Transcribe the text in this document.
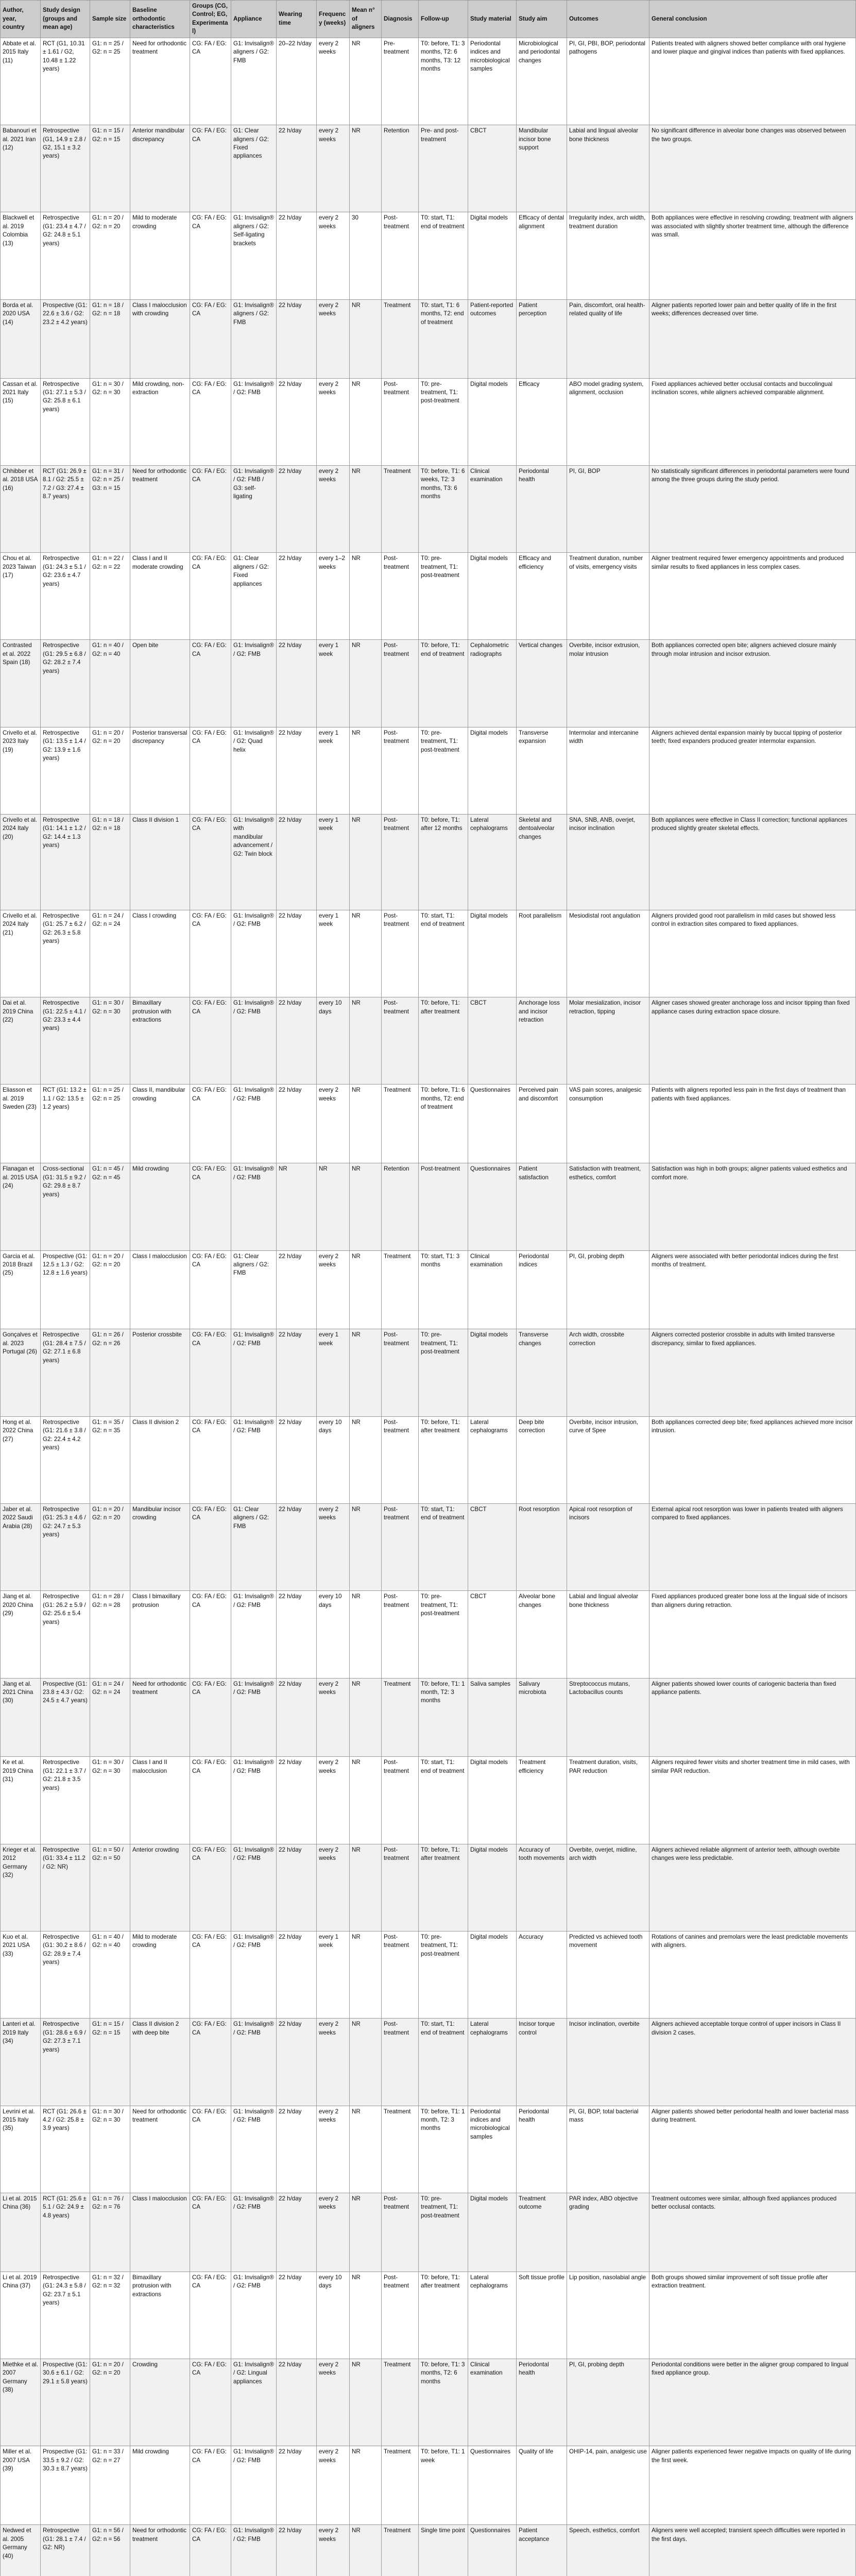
Author, year, country	Study design (groups and mean age)	Sample size	Baseline orthodontic characteristics	Groups (CG, Control; EG, Experimental)	Appliance	Wearing time	Frequency (weeks)	Mean n° of aligners	Diagnosis	Follow-up	Study material	Study aim	Outcomes	General conclusion
Abbate et al. 2015 Italy (11)	RCT (G1, 10.31 ± 1.61 / G2, 10.48 ± 1.22 years)	G1: n = 25 / G2: n = 25	Need for orthodontic treatment	CG: FA / EG: CA	G1: Invisalign® aligners / G2: FMB	20–22 h/day	every 2 weeks	NR	Pre-treatment	T0: before, T1: 3 months, T2: 6 months, T3: 12 months	Periodontal indices and microbiological samples	Microbiological and periodontal changes	PI, GI, PBI, BOP, periodontal pathogens	Patients treated with aligners showed better compliance with oral hygiene and lower plaque and gingival indices than patients with fixed appliances.
Babanouri et al. 2021 Iran (12)	Retrospective (G1, 14.9 ± 2.8 / G2, 15.1 ± 3.2 years)	G1: n = 15 / G2: n = 15	Anterior mandibular discrepancy	CG: FA / EG: CA	G1: Clear aligners / G2: Fixed appliances	22 h/day	every 2 weeks	NR	Retention	Pre- and post-treatment	CBCT	Mandibular incisor bone support	Labial and lingual alveolar bone thickness	No significant difference in alveolar bone changes was observed between the two groups.
Blackwell et al. 2019 Colombia (13)	Retrospective (G1: 23.4 ± 4.7 / G2: 24.8 ± 5.1 years)	G1: n = 20 / G2: n = 20	Mild to moderate crowding	CG: FA / EG: CA	G1: Invisalign® aligners / G2: Self-ligating brackets	22 h/day	every 2 weeks	30	Post-treatment	T0: start, T1: end of treatment	Digital models	Efficacy of dental alignment	Irregularity index, arch width, treatment duration	Both appliances were effective in resolving crowding; treatment with aligners was associated with slightly shorter treatment time, although the difference was small.
Borda et al. 2020 USA (14)	Prospective (G1: 22.6 ± 3.6 / G2: 23.2 ± 4.2 years)	G1: n = 18 / G2: n = 18	Class I malocclusion with crowding	CG: FA / EG: CA	G1: Invisalign® aligners / G2: FMB	22 h/day	every 2 weeks	NR	Treatment	T0: start, T1: 6 months, T2: end of treatment	Patient-reported outcomes	Patient perception	Pain, discomfort, oral health-related quality of life	Aligner patients reported lower pain and better quality of life in the first weeks; differences decreased over time.
Cassan et al. 2021 Italy (15)	Retrospective (G1: 27.1 ± 5.3 / G2: 25.8 ± 6.1 years)	G1: n = 30 / G2: n = 30	Mild crowding, non-extraction	CG: FA / EG: CA	G1: Invisalign® / G2: FMB	22 h/day	every 2 weeks	NR	Post-treatment	T0: pre-treatment, T1: post-treatment	Digital models	Efficacy	ABO model grading system, alignment, occlusion	Fixed appliances achieved better occlusal contacts and buccolingual inclination scores, while aligners achieved comparable alignment.
Chhibber et al. 2018 USA (16)	RCT (G1: 26.9 ± 8.1 / G2: 25.5 ± 7.2 / G3: 27.4 ± 8.7 years)	G1: n = 31 / G2: n = 25 / G3: n = 15	Need for orthodontic treatment	CG: FA / EG: CA	G1: Invisalign® / G2: FMB / G3: self-ligating	22 h/day	every 2 weeks	NR	Treatment	T0: before, T1: 6 weeks, T2: 3 months, T3: 6 months	Clinical examination	Periodontal health	PI, GI, BOP	No statistically significant differences in periodontal parameters were found among the three groups during the study period.
Chou et al. 2023 Taiwan (17)	Retrospective (G1: 24.3 ± 5.1 / G2: 23.6 ± 4.7 years)	G1: n = 22 / G2: n = 22	Class I and II moderate crowding	CG: FA / EG: CA	G1: Clear aligners / G2: Fixed appliances	22 h/day	every 1–2 weeks	NR	Post-treatment	T0: pre-treatment, T1: post-treatment	Digital models	Efficacy and efficiency	Treatment duration, number of visits, emergency visits	Aligner treatment required fewer emergency appointments and produced similar results to fixed appliances in less complex cases.
Contrasted et al. 2022 Spain (18)	Retrospective (G1: 29.5 ± 6.8 / G2: 28.2 ± 7.4 years)	G1: n = 40 / G2: n = 40	Open bite	CG: FA / EG: CA	G1: Invisalign® / G2: FMB	22 h/day	every 1 week	NR	Post-treatment	T0: before, T1: end of treatment	Cephalometric radiographs	Vertical changes	Overbite, incisor extrusion, molar intrusion	Both appliances corrected open bite; aligners achieved closure mainly through molar intrusion and incisor extrusion.
Crivello et al. 2023 Italy (19)	Retrospective (G1: 13.5 ± 1.4 / G2: 13.9 ± 1.6 years)	G1: n = 20 / G2: n = 20	Posterior transversal discrepancy	CG: FA / EG: CA	G1: Invisalign® / G2: Quad helix	22 h/day	every 1 week	NR	Post-treatment	T0: pre-treatment, T1: post-treatment	Digital models	Transverse expansion	Intermolar and intercanine width	Aligners achieved dental expansion mainly by buccal tipping of posterior teeth; fixed expanders produced greater intermolar expansion.
Crivello et al. 2024 Italy (20)	Retrospective (G1: 14.1 ± 1.2 / G2: 14.4 ± 1.3 years)	G1: n = 18 / G2: n = 18	Class II division 1	CG: FA / EG: CA	G1: Invisalign® with mandibular advancement / G2: Twin block	22 h/day	every 1 week	NR	Post-treatment	T0: before, T1: after 12 months	Lateral cephalograms	Skeletal and dentoalveolar changes	SNA, SNB, ANB, overjet, incisor inclination	Both appliances were effective in Class II correction; functional appliances produced slightly greater skeletal effects.
Crivello et al. 2024 Italy (21)	Retrospective (G1: 25.7 ± 6.2 / G2: 26.3 ± 5.8 years)	G1: n = 24 / G2: n = 24	Class I crowding	CG: FA / EG: CA	G1: Invisalign® / G2: FMB	22 h/day	every 1 week	NR	Post-treatment	T0: start, T1: end of treatment	Digital models	Root parallelism	Mesiodistal root angulation	Aligners provided good root parallelism in mild cases but showed less control in extraction sites compared to fixed appliances.
Dai et al. 2019 China (22)	Retrospective (G1: 22.5 ± 4.1 / G2: 23.3 ± 4.4 years)	G1: n = 30 / G2: n = 30	Bimaxillary protrusion with extractions	CG: FA / EG: CA	G1: Invisalign® / G2: FMB	22 h/day	every 10 days	NR	Post-treatment	T0: before, T1: after treatment	CBCT	Anchorage loss and incisor retraction	Molar mesialization, incisor retraction, tipping	Aligner cases showed greater anchorage loss and incisor tipping than fixed appliance cases during extraction space closure.
Eliasson et al. 2019 Sweden (23)	RCT (G1: 13.2 ± 1.1 / G2: 13.5 ± 1.2 years)	G1: n = 25 / G2: n = 25	Class II, mandibular crowding	CG: FA / EG: CA	G1: Invisalign® / G2: FMB	22 h/day	every 2 weeks	NR	Treatment	T0: before, T1: 6 months, T2: end of treatment	Questionnaires	Perceived pain and discomfort	VAS pain scores, analgesic consumption	Patients with aligners reported less pain in the first days of treatment than patients with fixed appliances.
Flanagan et al. 2015 USA (24)	Cross-sectional (G1: 31.5 ± 9.2 / G2: 29.8 ± 8.7 years)	G1: n = 45 / G2: n = 45	Mild crowding	CG: FA / EG: CA	G1: Invisalign® / G2: FMB	NR	NR	NR	Retention	Post-treatment	Questionnaires	Patient satisfaction	Satisfaction with treatment, esthetics, comfort	Satisfaction was high in both groups; aligner patients valued esthetics and comfort more.
Garcia et al. 2018 Brazil (25)	Prospective (G1: 12.5 ± 1.3 / G2: 12.8 ± 1.6 years)	G1: n = 20 / G2: n = 20	Class I malocclusion	CG: FA / EG: CA	G1: Clear aligners / G2: FMB	22 h/day	every 2 weeks	NR	Treatment	T0: start, T1: 3 months	Clinical examination	Periodontal indices	PI, GI, probing depth	Aligners were associated with better periodontal indices during the first months of treatment.
Gonçalves et al. 2023 Portugal (26)	Retrospective (G1: 28.4 ± 7.5 / G2: 27.1 ± 6.8 years)	G1: n = 26 / G2: n = 26	Posterior crossbite	CG: FA / EG: CA	G1: Invisalign® / G2: FMB	22 h/day	every 1 week	NR	Post-treatment	T0: pre-treatment, T1: post-treatment	Digital models	Transverse changes	Arch width, crossbite correction	Aligners corrected posterior crossbite in adults with limited transverse discrepancy, similar to fixed appliances.
Hong et al. 2022 China (27)	Retrospective (G1: 21.6 ± 3.8 / G2: 22.4 ± 4.2 years)	G1: n = 35 / G2: n = 35	Class II division 2	CG: FA / EG: CA	G1: Invisalign® / G2: FMB	22 h/day	every 10 days	NR	Post-treatment	T0: before, T1: after treatment	Lateral cephalograms	Deep bite correction	Overbite, incisor intrusion, curve of Spee	Both appliances corrected deep bite; fixed appliances achieved more incisor intrusion.
Jaber et al. 2022 Saudi Arabia (28)	Retrospective (G1: 25.3 ± 4.6 / G2: 24.7 ± 5.3 years)	G1: n = 20 / G2: n = 20	Mandibular incisor crowding	CG: FA / EG: CA	G1: Clear aligners / G2: FMB	22 h/day	every 2 weeks	NR	Post-treatment	T0: start, T1: end of treatment	CBCT	Root resorption	Apical root resorption of incisors	External apical root resorption was lower in patients treated with aligners compared to fixed appliances.
Jiang et al. 2020 China (29)	Retrospective (G1: 26.2 ± 5.9 / G2: 25.6 ± 5.4 years)	G1: n = 28 / G2: n = 28	Class I bimaxillary protrusion	CG: FA / EG: CA	G1: Invisalign® / G2: FMB	22 h/day	every 10 days	NR	Post-treatment	T0: pre-treatment, T1: post-treatment	CBCT	Alveolar bone changes	Labial and lingual alveolar bone thickness	Fixed appliances produced greater bone loss at the lingual side of incisors than aligners during retraction.
Jiang et al. 2021 China (30)	Prospective (G1: 23.8 ± 4.3 / G2: 24.5 ± 4.7 years)	G1: n = 24 / G2: n = 24	Need for orthodontic treatment	CG: FA / EG: CA	G1: Invisalign® / G2: FMB	22 h/day	every 2 weeks	NR	Treatment	T0: before, T1: 1 month, T2: 3 months	Saliva samples	Salivary microbiota	Streptococcus mutans, Lactobacillus counts	Aligner patients showed lower counts of cariogenic bacteria than fixed appliance patients.
Ke et al. 2019 China (31)	Retrospective (G1: 22.1 ± 3.7 / G2: 21.8 ± 3.5 years)	G1: n = 30 / G2: n = 30	Class I and II malocclusion	CG: FA / EG: CA	G1: Invisalign® / G2: FMB	22 h/day	every 2 weeks	NR	Post-treatment	T0: start, T1: end of treatment	Digital models	Treatment efficiency	Treatment duration, visits, PAR reduction	Aligners required fewer visits and shorter treatment time in mild cases, with similar PAR reduction.
Krieger et al. 2012 Germany (32)	Retrospective (G1: 33.4 ± 11.2 / G2: NR)	G1: n = 50 / G2: n = 50	Anterior crowding	CG: FA / EG: CA	G1: Invisalign® / G2: FMB	22 h/day	every 2 weeks	NR	Post-treatment	T0: before, T1: after treatment	Digital models	Accuracy of tooth movements	Overbite, overjet, midline, arch width	Aligners achieved reliable alignment of anterior teeth, although overbite changes were less predictable.
Kuo et al. 2021 USA (33)	Retrospective (G1: 30.2 ± 8.6 / G2: 28.9 ± 7.4 years)	G1: n = 40 / G2: n = 40	Mild to moderate crowding	CG: FA / EG: CA	G1: Invisalign® / G2: FMB	22 h/day	every 1 week	NR	Post-treatment	T0: pre-treatment, T1: post-treatment	Digital models	Accuracy	Predicted vs achieved tooth movement	Rotations of canines and premolars were the least predictable movements with aligners.
Lanteri et al. 2019 Italy (34)	Retrospective (G1: 28.6 ± 6.9 / G2: 27.3 ± 7.1 years)	G1: n = 15 / G2: n = 15	Class II division 2 with deep bite	CG: FA / EG: CA	G1: Invisalign® / G2: FMB	22 h/day	every 2 weeks	NR	Post-treatment	T0: start, T1: end of treatment	Lateral cephalograms	Incisor torque control	Incisor inclination, overbite	Aligners achieved acceptable torque control of upper incisors in Class II division 2 cases.
Levrini et al. 2015 Italy (35)	RCT (G1: 26.6 ± 4.2 / G2: 25.8 ± 3.9 years)	G1: n = 30 / G2: n = 30	Need for orthodontic treatment	CG: FA / EG: CA	G1: Invisalign® / G2: FMB	22 h/day	every 2 weeks	NR	Treatment	T0: before, T1: 1 month, T2: 3 months	Periodontal indices and microbiological samples	Periodontal health	PI, GI, BOP, total bacterial mass	Aligner patients showed better periodontal health and lower bacterial mass during treatment.
Li et al. 2015 China (36)	RCT (G1: 25.6 ± 5.1 / G2: 24.9 ± 4.8 years)	G1: n = 76 / G2: n = 76	Class I malocclusion	CG: FA / EG: CA	G1: Invisalign® / G2: FMB	22 h/day	every 2 weeks	NR	Post-treatment	T0: pre-treatment, T1: post-treatment	Digital models	Treatment outcome	PAR index, ABO objective grading	Treatment outcomes were similar, although fixed appliances produced better occlusal contacts.
Li et al. 2019 China (37)	Retrospective (G1: 24.3 ± 5.8 / G2: 23.7 ± 5.1 years)	G1: n = 32 / G2: n = 32	Bimaxillary protrusion with extractions	CG: FA / EG: CA	G1: Invisalign® / G2: FMB	22 h/day	every 10 days	NR	Post-treatment	T0: before, T1: after treatment	Lateral cephalograms	Soft tissue profile	Lip position, nasolabial angle	Both groups showed similar improvement of soft tissue profile after extraction treatment.
Miethke et al. 2007 Germany (38)	Prospective (G1: 30.6 ± 6.1 / G2: 29.1 ± 5.8 years)	G1: n = 20 / G2: n = 20	Crowding	CG: FA / EG: CA	G1: Invisalign® / G2: Lingual appliances	22 h/day	every 2 weeks	NR	Treatment	T0: before, T1: 3 months, T2: 6 months	Clinical examination	Periodontal health	PI, GI, probing depth	Periodontal conditions were better in the aligner group compared to lingual fixed appliance group.
Miller et al. 2007 USA (39)	Prospective (G1: 33.5 ± 9.2 / G2: 30.3 ± 8.7 years)	G1: n = 33 / G2: n = 27	Mild crowding	CG: FA / EG: CA	G1: Invisalign® / G2: FMB	22 h/day	every 2 weeks	NR	Treatment	T0: before, T1: 1 week	Questionnaires	Quality of life	OHIP-14, pain, analgesic use	Aligner patients experienced fewer negative impacts on quality of life during the first week.
Nedwed et al. 2005 Germany (40)	Retrospective (G1: 28.1 ± 7.4 / G2: NR)	G1: n = 56 / G2: n = 56	Need for orthodontic treatment	CG: FA / EG: CA	G1: Invisalign® / G2: FMB	22 h/day	every 2 weeks	NR	Treatment	Single time point	Questionnaires	Patient acceptance	Speech, esthetics, comfort	Aligners were well accepted; transient speech difficulties were reported in the first days.
